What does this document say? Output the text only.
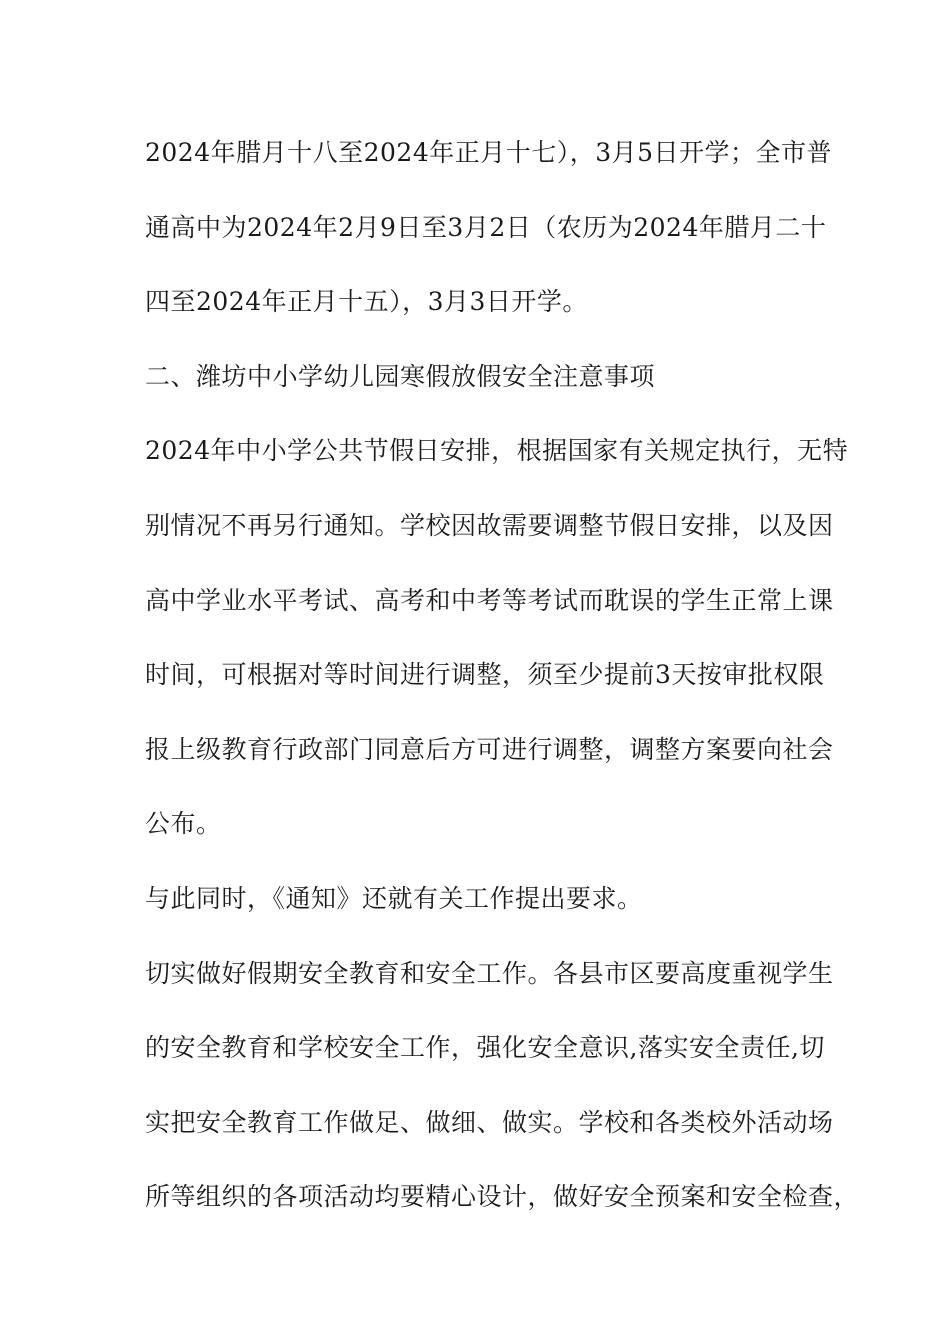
2024年腊月十八至2024年正月十七），3月5日开学；全市普
通高中为2024年2月9日至3月2日（农历为2024年腊月二十
四至2024年正月十五），3月3日开学。
二、潍坊中小学幼儿园寒假放假安全注意事项
2024年中小学公共节假日安排，根据国家有关规定执行，无特
别情况不再另行通知。学校因故需要调整节假日安排，以及因
高中学业水平考试、高考和中考等考试而耽误的学生正常上课
时间，可根据对等时间进行调整，须至少提前3天按审批权限
报上级教育行政部门同意后方可进行调整，调整方案要向社会
公布。
与此同时，《通知》还就有关工作提出要求。
切实做好假期安全教育和安全工作。各县市区要高度重视学生
的安全教育和学校安全工作，强化安全意识,落实安全责任,切
实把安全教育工作做足、做细、做实。学校和各类校外活动场
所等组织的各项活动均要精心设计，做好安全预案和安全检查，
